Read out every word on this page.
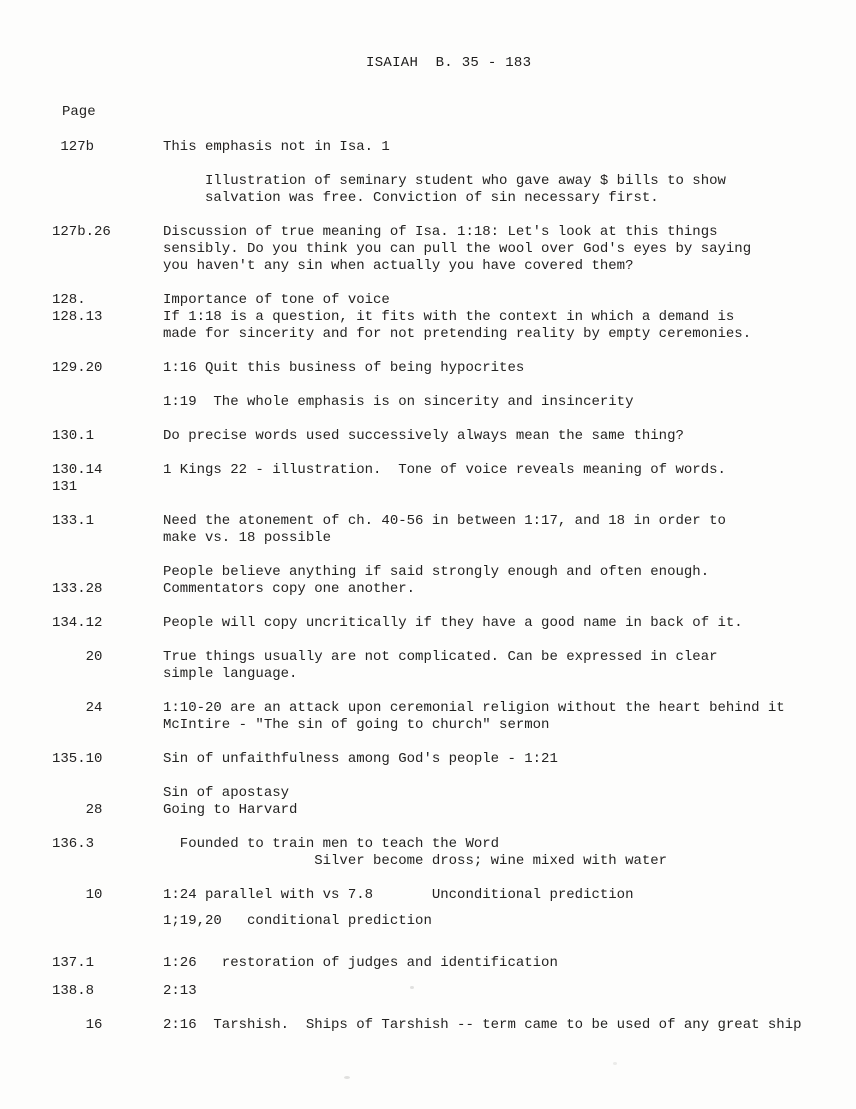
ISAIAH  B. 35 - 183
Page
127b	This emphasis not in Isa. 1
Illustration of seminary student who gave away $ bills to show
salvation was free. Conviction of sin necessary first.
127b.26	Discussion of true meaning of Isa. 1:18: Let's look at this things
sensibly. Do you think you can pull the wool over God's eyes by saying
you haven't any sin when actually you have covered them?
128.	Importance of tone of voice
128.13	If 1:18 is a question, it fits with the context in which a demand is
made for sincerity and for not pretending reality by empty ceremonies.
129.20	1:16 Quit this business of being hypocrites
1:19  The whole emphasis is on sincerity and insincerity
130.1	Do precise words used successively always mean the same thing?
130.14	1 Kings 22 - illustration.  Tone of voice reveals meaning of words.
131
133.1	Need the atonement of ch. 40-56 in between 1:17, and 18 in order to
make vs. 18 possible
People believe anything if said strongly enough and often enough.
133.28	Commentators copy one another.
134.12	People will copy uncritically if they have a good name in back of it.
20	True things usually are not complicated. Can be expressed in clear
simple language.
24	1:10-20 are an attack upon ceremonial religion without the heart behind it
McIntire - "The sin of going to church" sermon
135.10	Sin of unfaithfulness among God's people - 1:21
Sin of apostasy
28	Going to Harvard
136.3	Founded to train men to teach the Word
Silver become dross; wine mixed with water
10	1:24 parallel with vs 7.8       Unconditional prediction
1;19,20   conditional prediction
137.1	1:26   restoration of judges and identification
138.8	2:13
16	2:16  Tarshish.  Ships of Tarshish -- term came to be used of any great ship
